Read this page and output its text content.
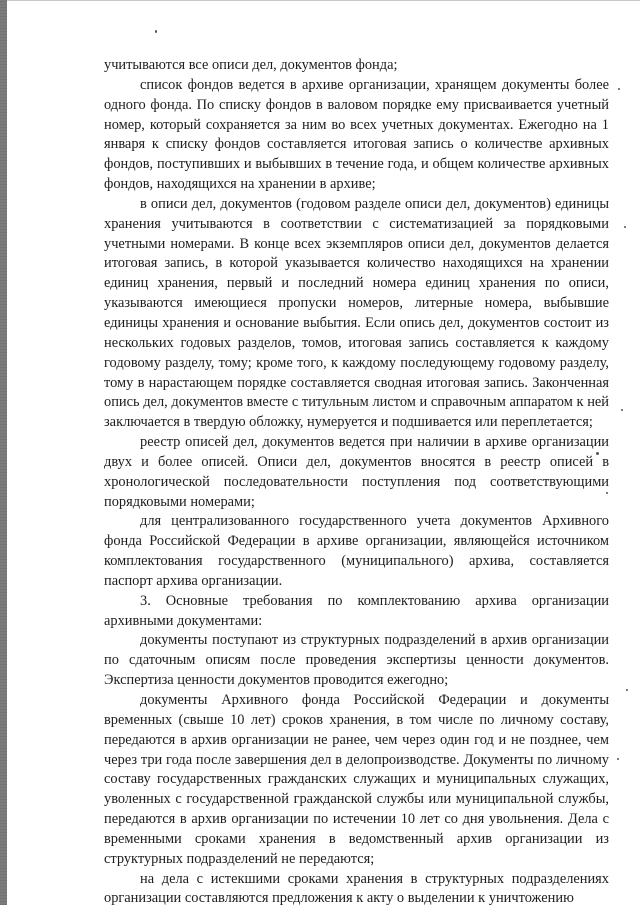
учитываются все описи дел, документов фонда;

список фондов ведется в архиве организации, хранящем документы более одного фонда. По списку фондов в валовом порядке ему присваивается учетный номер, который сохраняется за ним во всех учетных документах. Ежегодно на 1 января к списку фондов составляется итоговая запись о количестве архивных фондов, поступивших и выбывших в течение года, и общем количестве архивных фондов, находящихся на хранении в архиве;

в описи дел, документов (годовом разделе описи дел, документов) единицы хранения учитываются в соответствии с систематизацией за порядковыми учетными номерами. В конце всех экземпляров описи дел, документов делается итоговая запись, в которой указывается количество находящихся на хранении единиц хранения, первый и последний номера единиц хранения по описи, указываются имеющиеся пропуски номеров, литерные номера, выбывшие единицы хранения и основание выбытия. Если опись дел, документов состоит из нескольких годовых разделов, томов, итоговая запись составляется к каждому годовому разделу, тому; кроме того, к каждому последующему годовому разделу, тому в нарастающем порядке составляется сводная итоговая запись. Законченная опись дел, документов вместе с титульным листом и справочным аппаратом к ней заключается в твердую обложку, нумеруется и подшивается или переплетается;

реестр описей дел, документов ведется при наличии в архиве организации двух и более описей. Описи дел, документов вносятся в реестр описей в хронологической последовательности поступления под соответствующими порядковыми номерами;

для централизованного государственного учета документов Архивного фонда Российской Федерации в архиве организации, являющейся источником комплектования государственного (муниципального) архива, составляется паспорт архива организации.

3. Основные требования по комплектованию архива организации архивными документами:

документы поступают из структурных подразделений в архив организации по сдаточным описям после проведения экспертизы ценности документов. Экспертиза ценности документов проводится ежегодно;

документы Архивного фонда Российской Федерации и документы временных (свыше 10 лет) сроков хранения, в том числе по личному составу, передаются в архив организации не ранее, чем через один год и не позднее, чем через три года после завершения дел в делопроизводстве. Документы по личному составу государственных гражданских служащих и муниципальных служащих, уволенных с государственной гражданской службы или муниципальной службы, передаются в архив организации по истечении 10 лет со дня увольнения. Дела с временными сроками хранения в ведомственный архив организации из структурных подразделений не передаются;

на дела с истекшими сроками хранения в структурных подразделениях организации составляются предложения к акту о выделении к уничтожению
